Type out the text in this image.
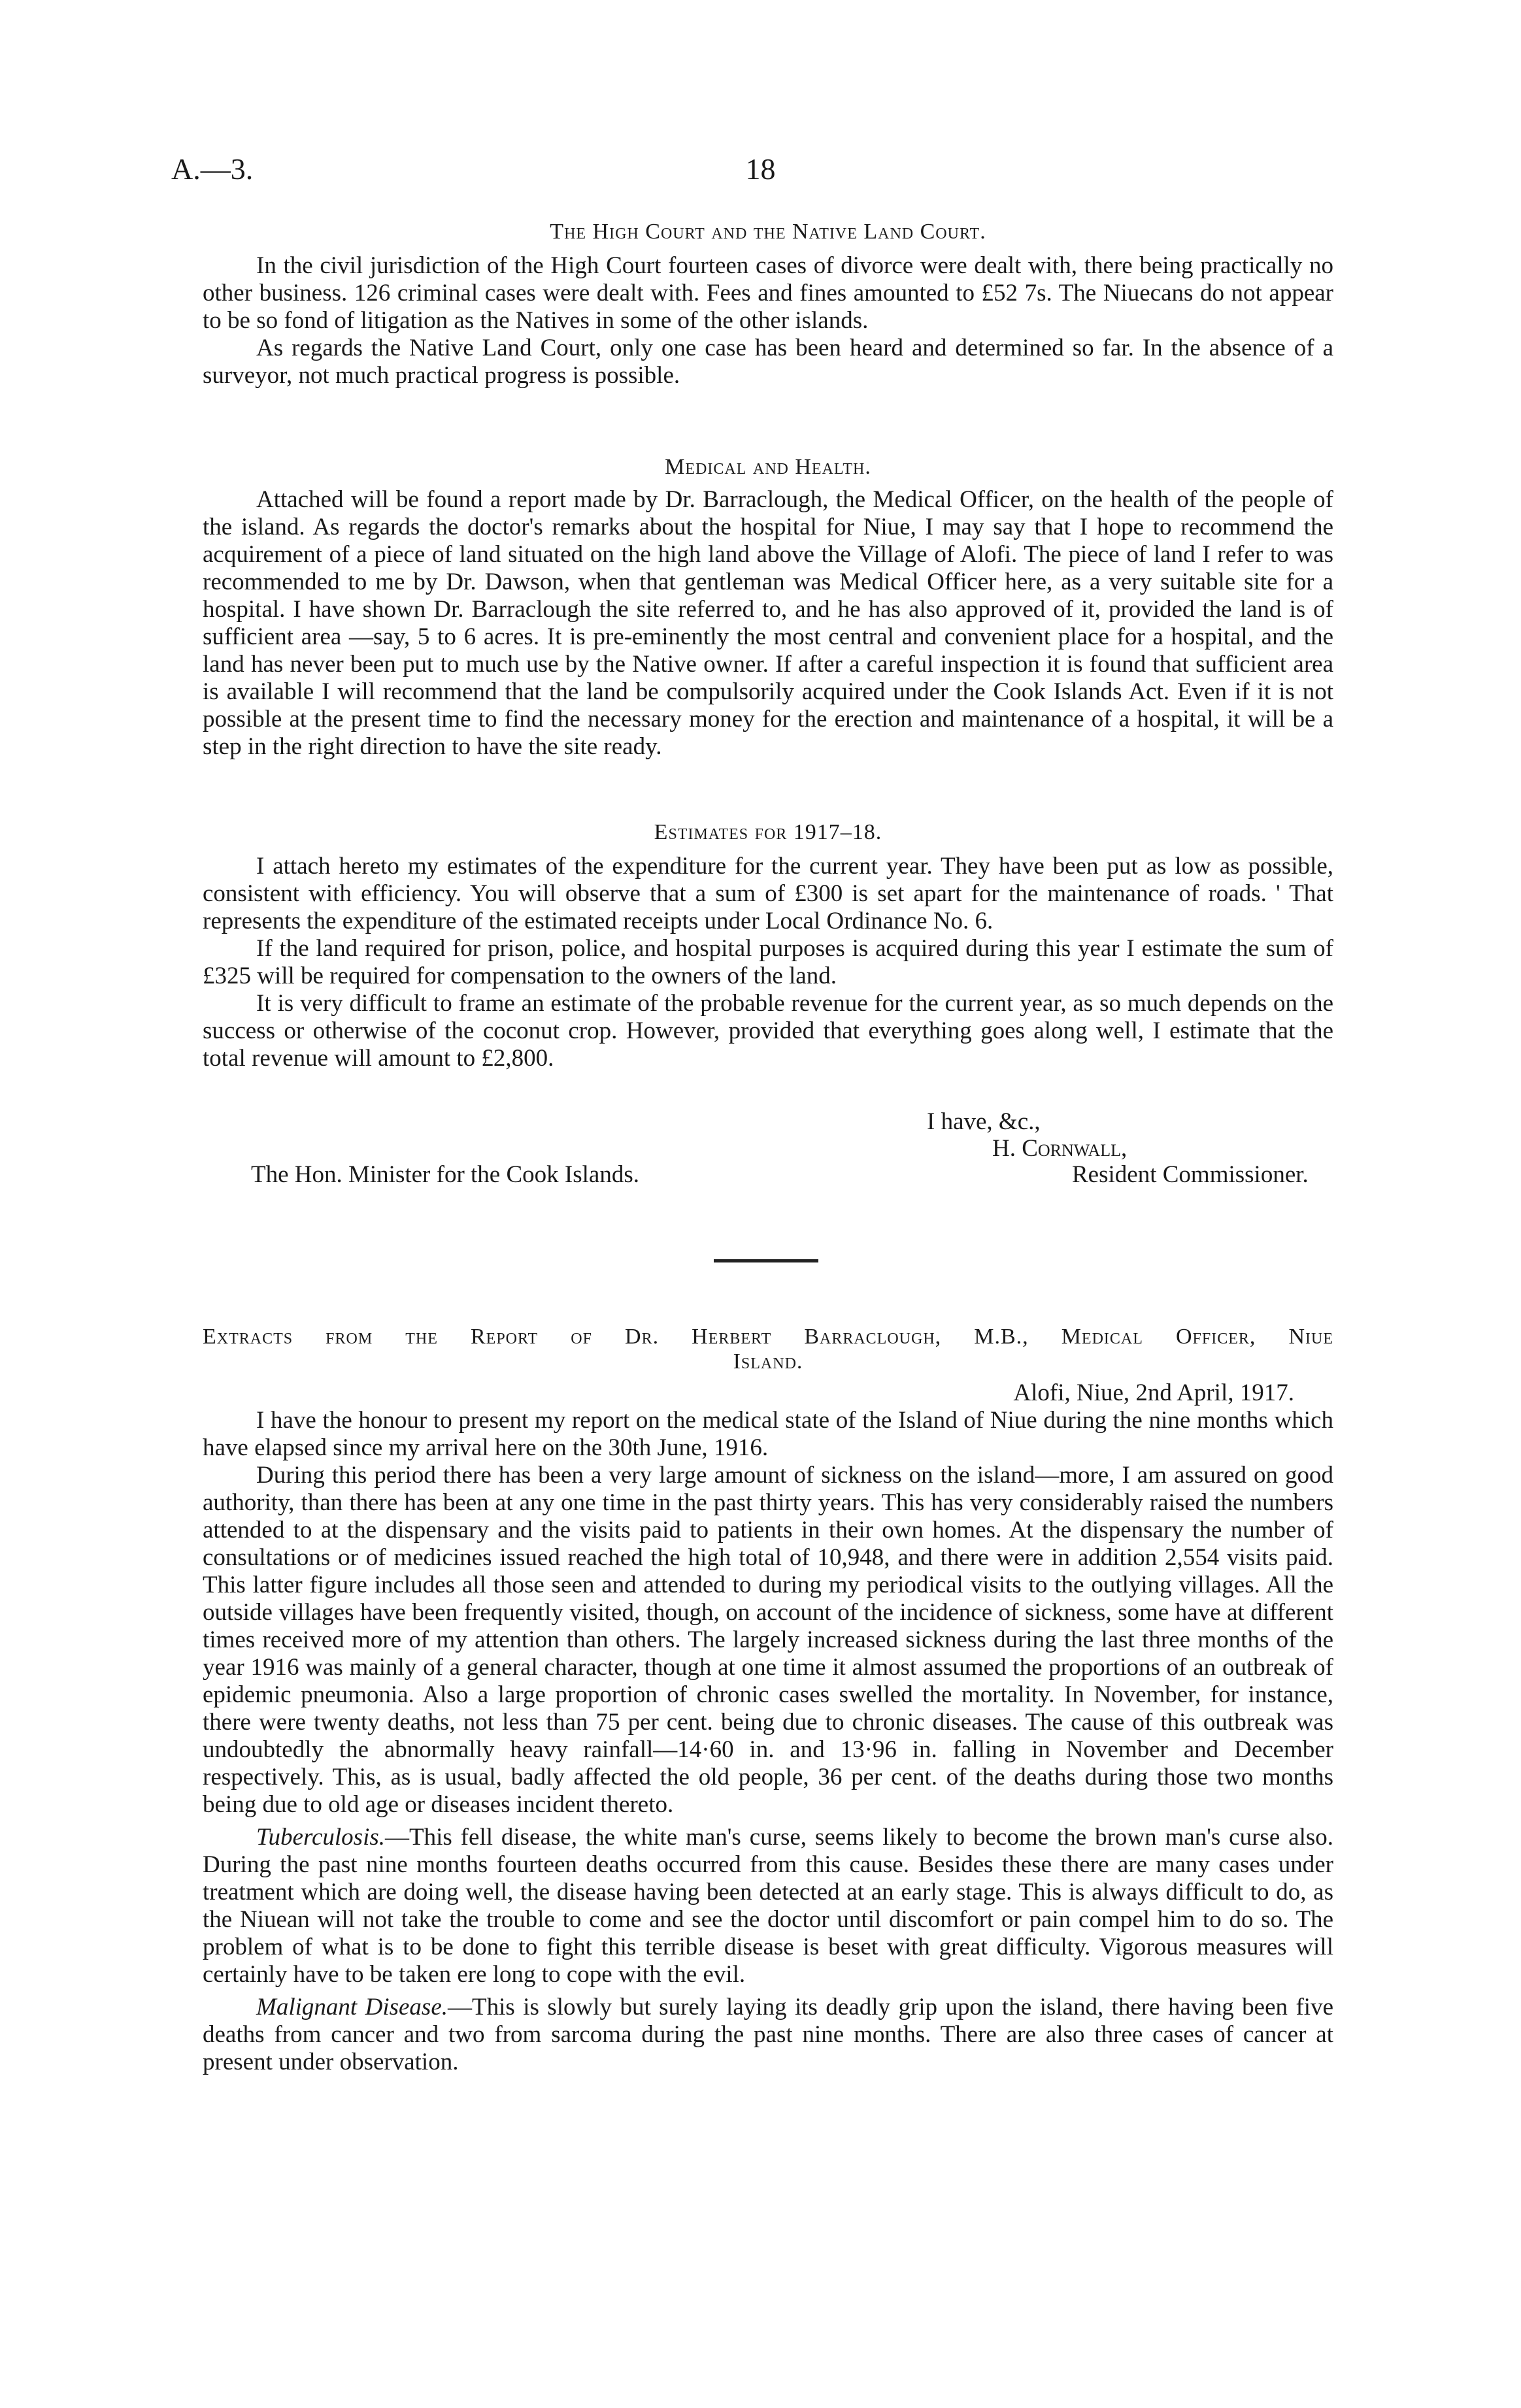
A.—3.	18
The High Court and the Native Land Court.

In the civil jurisdiction of the High Court fourteen cases of divorce were dealt with, there being practically no other business. 126 criminal cases were dealt with. Fees and fines amounted to £52 7s. The Niuecans do not appear to be so fond of litigation as the Natives in some of the other islands.

As regards the Native Land Court, only one case has been heard and determined so far. In the absence of a surveyor, not much practical progress is possible.

Medical and Health.

Attached will be found a report made by Dr. Barraclough, the Medical Officer, on the health of the people of the island. As regards the doctor's remarks about the hospital for Niue, I may say that I hope to recommend the acquirement of a piece of land situated on the high land above the Village of Alofi. The piece of land I refer to was recommended to me by Dr. Dawson, when that gentleman was Medical Officer here, as a very suitable site for a hospital. I have shown Dr. Barraclough the site referred to, and he has also approved of it, provided the land is of sufficient area —say, 5 to 6 acres. It is pre-eminently the most central and convenient place for a hospital, and the land has never been put to much use by the Native owner. If after a careful inspection it is found that sufficient area is available I will recommend that the land be compulsorily acquired under the Cook Islands Act. Even if it is not possible at the present time to find the necessary money for the erection and maintenance of a hospital, it will be a step in the right direction to have the site ready.

Estimates for 1917–18.

I attach hereto my estimates of the expenditure for the current year. They have been put as low as possible, consistent with efficiency. You will observe that a sum of £300 is set apart for the maintenance of roads. ' That represents the expenditure of the estimated receipts under Local Ordinance No. 6.

If the land required for prison, police, and hospital purposes is acquired during this year I estimate the sum of £325 will be required for compensation to the owners of the land.

It is very difficult to frame an estimate of the probable revenue for the current year, as so much depends on the success or otherwise of the coconut crop. However, provided that everything goes along well, I estimate that the total revenue will amount to £2,800.

I have, &c.,
H. Cornwall,
Resident Commissioner.
The Hon. Minister for the Cook Islands.
Extracts from the Report of Dr. Herbert Barraclough, M.B., Medical Officer, Niue
Island.
Alofi, Niue, 2nd April, 1917.

I have the honour to present my report on the medical state of the Island of Niue during the nine months which have elapsed since my arrival here on the 30th June, 1916.

During this period there has been a very large amount of sickness on the island—more, I am assured on good authority, than there has been at any one time in the past thirty years. This has very considerably raised the numbers attended to at the dispensary and the visits paid to patients in their own homes. At the dispensary the number of consultations or of medicines issued reached the high total of 10,948, and there were in addition 2,554 visits paid. This latter figure includes all those seen and attended to during my periodical visits to the outlying villages. All the outside villages have been frequently visited, though, on account of the incidence of sickness, some have at different times received more of my attention than others. The largely increased sickness during the last three months of the year 1916 was mainly of a general character, though at one time it almost assumed the proportions of an outbreak of epidemic pneumonia. Also a large proportion of chronic cases swelled the mortality. In November, for instance, there were twenty deaths, not less than 75 per cent. being due to chronic diseases. The cause of this outbreak was undoubtedly the abnormally heavy rainfall—14·60 in. and 13·96 in. falling in November and December respectively. This, as is usual, badly affected the old people, 36 per cent. of the deaths during those two months being due to old age or diseases incident thereto.

Tuberculosis.—This fell disease, the white man's curse, seems likely to become the brown man's curse also. During the past nine months fourteen deaths occurred from this cause. Besides these there are many cases under treatment which are doing well, the disease having been detected at an early stage. This is always difficult to do, as the Niuean will not take the trouble to come and see the doctor until discomfort or pain compel him to do so. The problem of what is to be done to fight this terrible disease is beset with great difficulty. Vigorous measures will certainly have to be taken ere long to cope with the evil.

Malignant Disease.—This is slowly but surely laying its deadly grip upon the island, there having been five deaths from cancer and two from sarcoma during the past nine months. There are also three cases of cancer at present under observation.
